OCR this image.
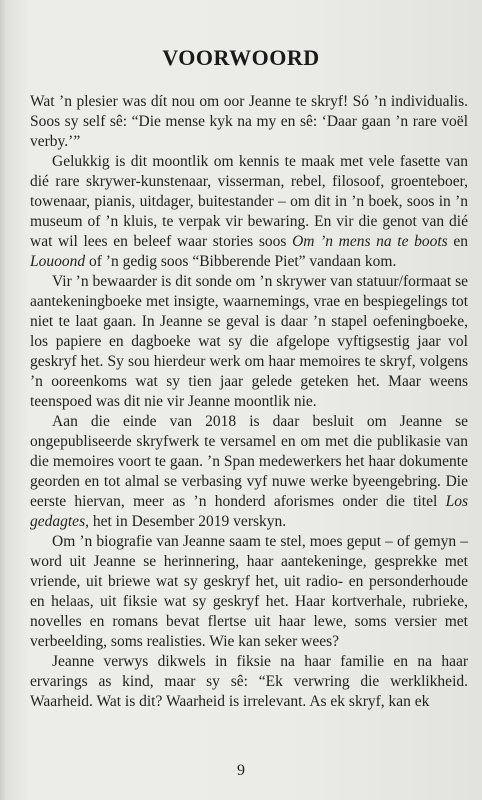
VOORWOORD

Wat ’n plesier was dít nou om oor Jeanne te skryf! Só ’n individualis. Soos sy self sê: “Die mense kyk na my en sê: ‘Daar gaan ’n rare voël verby.’”

Gelukkig is dit moontlik om kennis te maak met vele fasette van dié rare skrywer-kunstenaar, visserman, rebel, filosoof, groenteboer, towenaar, pianis, uitdager, buitestander – om dit in ’n boek, soos in ’n museum of ’n kluis, te verpak vir bewaring. En vir die genot van dié wat wil lees en beleef waar stories soos Om ’n mens na te boots en Louoond of ’n gedig soos “Bibberende Piet” vandaan kom.

Vir ’n bewaarder is dit sonde om ’n skrywer van statuur/formaat se aantekeningboeke met insigte, waarnemings, vrae en bespiegelings tot niet te laat gaan. In Jeanne se geval is daar ’n stapel oefeningboeke, los papiere en dagboeke wat sy die afgelope vyftigsestig jaar vol geskryf het. Sy sou hierdeur werk om haar memoires te skryf, volgens ’n ooreenkoms wat sy tien jaar gelede geteken het. Maar weens teenspoed was dit nie vir Jeanne moontlik nie.

Aan die einde van 2018 is daar besluit om Jeanne se ongepubliseerde skryfwerk te versamel en om met die publikasie van die memoires voort te gaan. ’n Span medewerkers het haar dokumente georden en tot almal se verbasing vyf nuwe werke byeengebring. Die eerste hiervan, meer as ’n honderd aforismes onder die titel Los gedagtes, het in Desember 2019 verskyn.

Om ’n biografie van Jeanne saam te stel, moes geput – of gemyn – word uit Jeanne se herinnering, haar aantekeninge, gesprekke met vriende, uit briewe wat sy geskryf het, uit radio- en personderhoude en helaas, uit fiksie wat sy geskryf het. Haar kortverhale, rubrieke, novelles en romans bevat flertse uit haar lewe, soms versier met verbeelding, soms realisties. Wie kan seker wees?

Jeanne verwys dikwels in fiksie na haar familie en na haar ervarings as kind, maar sy sê: “Ek verwring die werklikheid. Waarheid. Wat is dit? Waarheid is irrelevant. As ek skryf, kan ek

9
